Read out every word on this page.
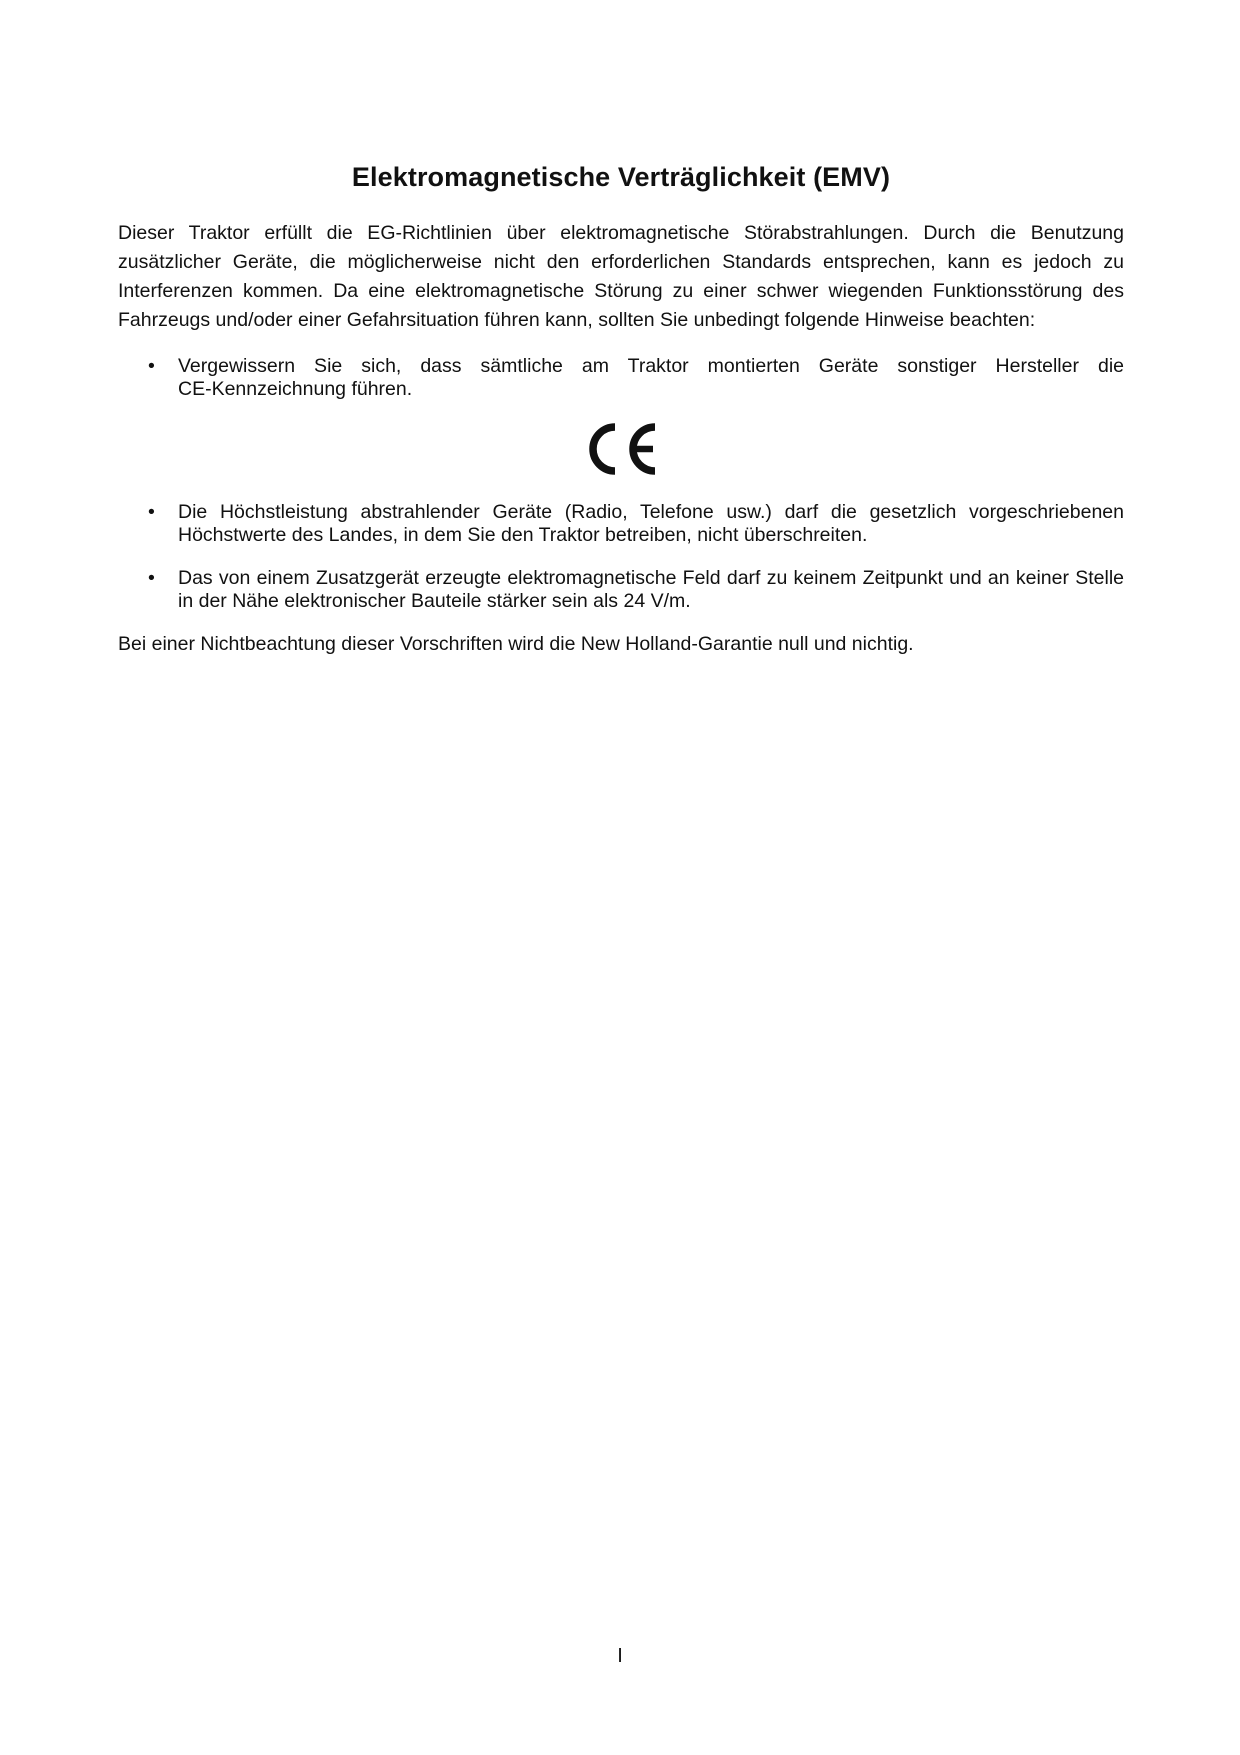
Elektromagnetische Verträglichkeit (EMV)

Dieser Traktor erfüllt die EG‑Richtlinien über elektromagnetische Störabstrahlungen. Durch die Benutzung zusätzlicher Geräte, die möglicherweise nicht den erforderlichen Standards entsprechen, kann es jedoch zu Interferenzen kommen. Da eine elektromagnetische Störung zu einer schwer wiegenden Funktionsstörung des Fahrzeugs und/oder einer Gefahrsituation führen kann, sollten Sie unbedingt folgende Hinweise beachten:

• Vergewissern Sie sich, dass sämtliche am Traktor montierten Geräte sonstiger Hersteller die CE‑Kennzeichnung führen.
• Die Höchstleistung abstrahlender Geräte (Radio, Telefone usw.) darf die gesetzlich vorgeschriebenen Höchstwerte des Landes, in dem Sie den Traktor betreiben, nicht überschreiten.
• Das von einem Zusatzgerät erzeugte elektromagnetische Feld darf zu keinem Zeitpunkt und an keiner Stelle in der Nähe elektronischer Bauteile stärker sein als 24 V/m.

Bei einer Nichtbeachtung dieser Vorschriften wird die New Holland‑Garantie null und nichtig.

I
